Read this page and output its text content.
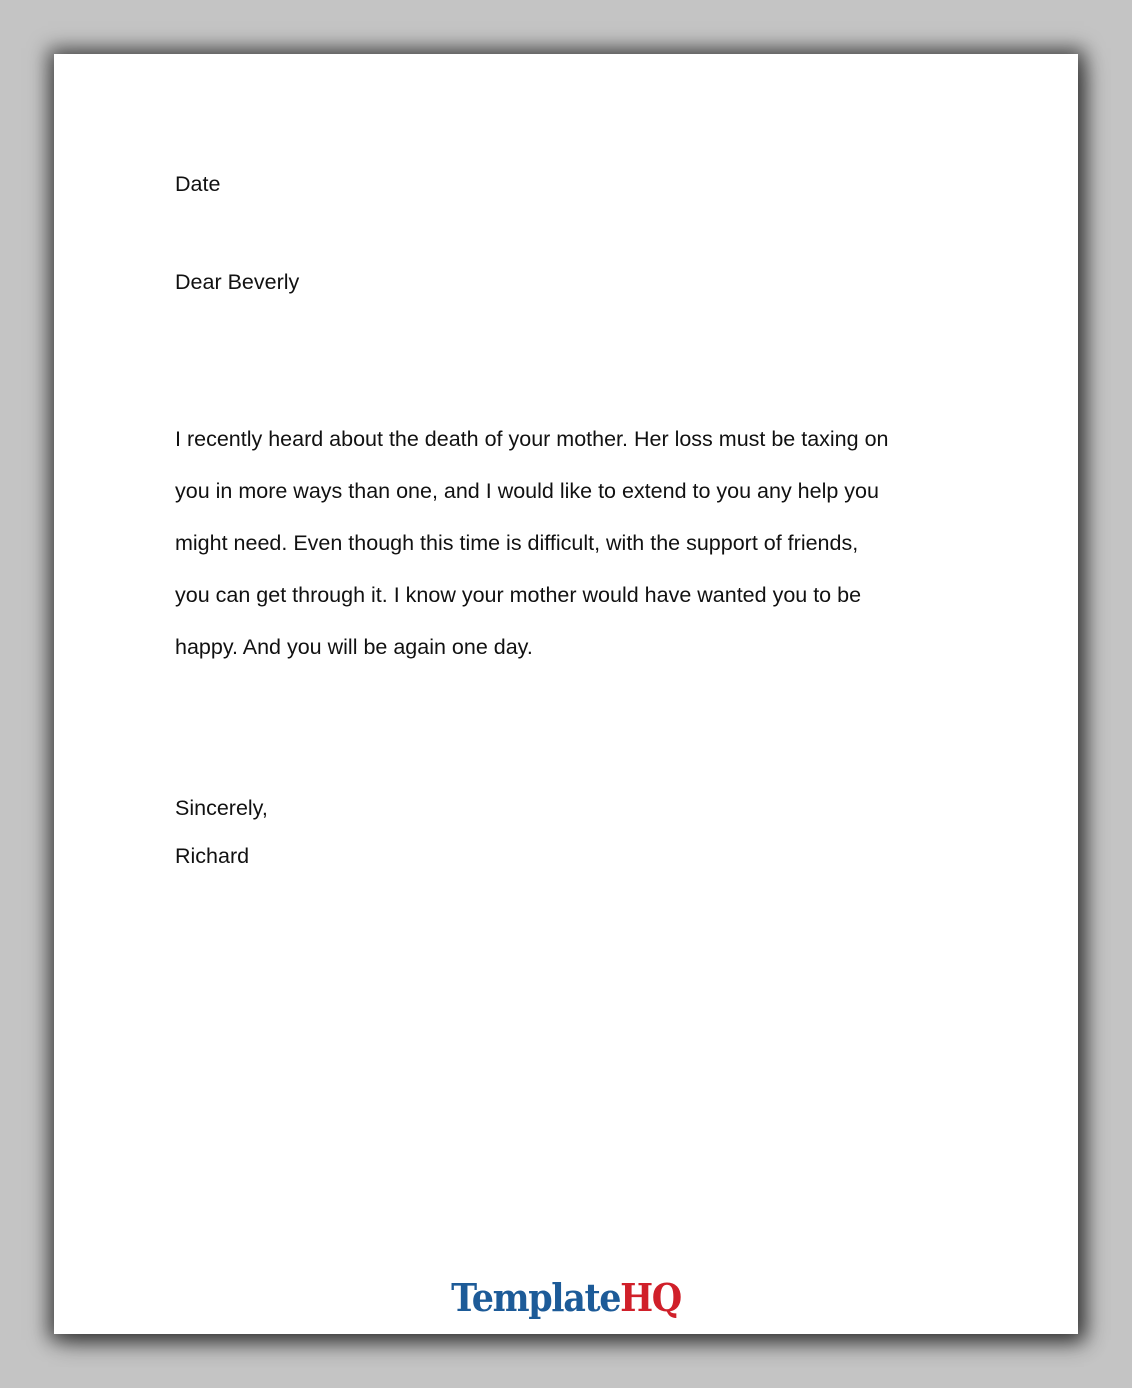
Date

Dear Beverly

I recently heard about the death of your mother. Her loss must be taxing on
you in more ways than one, and I would like to extend to you any help you
might need. Even though this time is difficult, with the support of friends,
you can get through it. I know your mother would have wanted you to be
happy. And you will be again one day.

Sincerely,

Richard

TemplateHQ
